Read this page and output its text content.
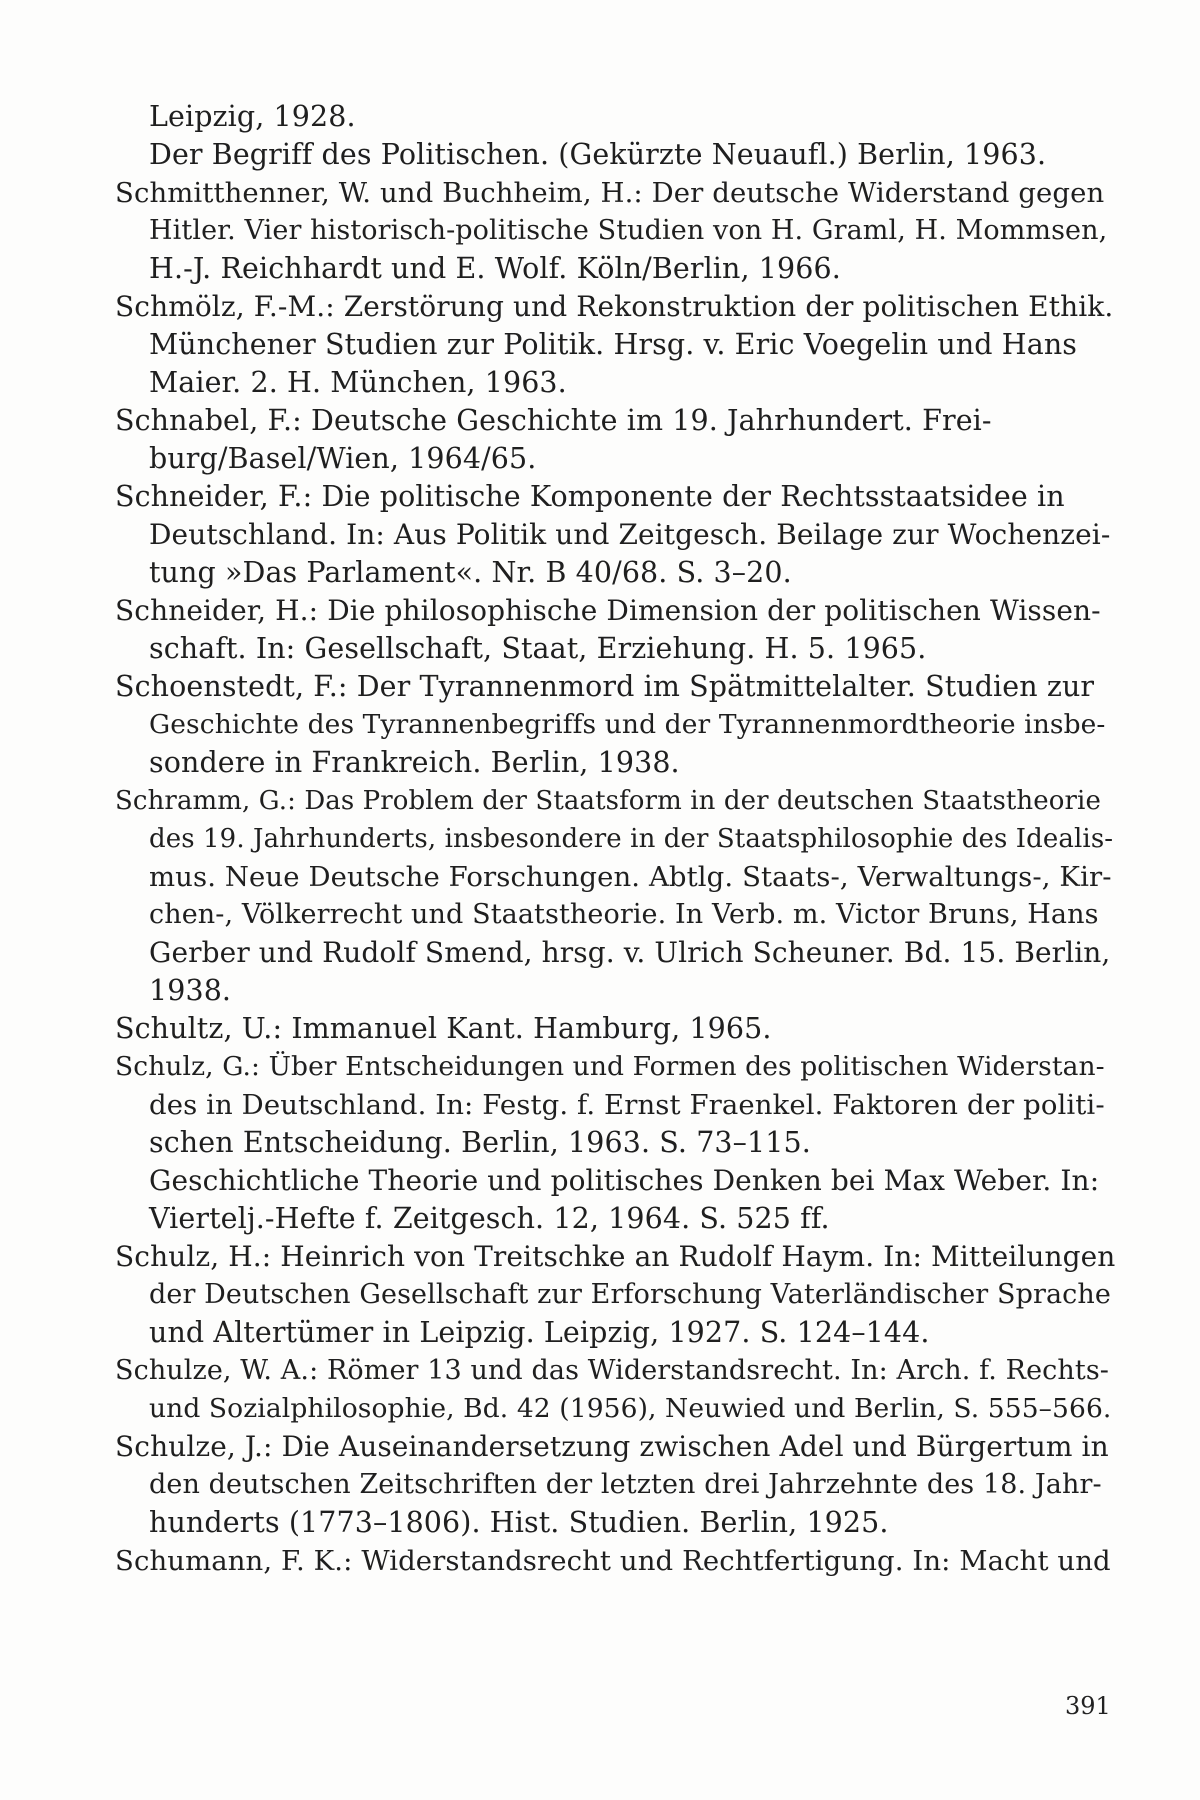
Leipzig, 1928.
Der Begriff des Politischen. (Gekürzte Neuaufl.) Berlin, 1963.
Schmitthenner, W. und Buchheim, H.: Der deutsche Widerstand gegen
Hitler. Vier historisch-politische Studien von H. Graml, H. Mommsen,
H.-J. Reichhardt und E. Wolf. Köln/Berlin, 1966.
Schmölz, F.-M.: Zerstörung und Rekonstruktion der politischen Ethik.
Münchener Studien zur Politik. Hrsg. v. Eric Voegelin und Hans
Maier. 2. H. München, 1963.
Schnabel, F.: Deutsche Geschichte im 19. Jahrhundert. Frei-
burg/Basel/Wien, 1964/65.
Schneider, F.: Die politische Komponente der Rechtsstaatsidee in
Deutschland. In: Aus Politik und Zeitgesch. Beilage zur Wochenzei-
tung »Das Parlament«. Nr. B 40/68. S. 3–20.
Schneider, H.: Die philosophische Dimension der politischen Wissen-
schaft. In: Gesellschaft, Staat, Erziehung. H. 5. 1965.
Schoenstedt, F.: Der Tyrannenmord im Spätmittelalter. Studien zur
Geschichte des Tyrannenbegriffs und der Tyrannenmordtheorie insbe-
sondere in Frankreich. Berlin, 1938.
Schramm, G.: Das Problem der Staatsform in der deutschen Staatstheorie
des 19. Jahrhunderts, insbesondere in der Staatsphilosophie des Idealis-
mus. Neue Deutsche Forschungen. Abtlg. Staats-, Verwaltungs-, Kir-
chen-, Völkerrecht und Staatstheorie. In Verb. m. Victor Bruns, Hans
Gerber und Rudolf Smend, hrsg. v. Ulrich Scheuner. Bd. 15. Berlin,
1938.
Schultz, U.: Immanuel Kant. Hamburg, 1965.
Schulz, G.: Über Entscheidungen und Formen des politischen Widerstan-
des in Deutschland. In: Festg. f. Ernst Fraenkel. Faktoren der politi-
schen Entscheidung. Berlin, 1963. S. 73–115.
Geschichtliche Theorie und politisches Denken bei Max Weber. In:
Viertelj.-Hefte f. Zeitgesch. 12, 1964. S. 525 ff.
Schulz, H.: Heinrich von Treitschke an Rudolf Haym. In: Mitteilungen
der Deutschen Gesellschaft zur Erforschung Vaterländischer Sprache
und Altertümer in Leipzig. Leipzig, 1927. S. 124–144.
Schulze, W. A.: Römer 13 und das Widerstandsrecht. In: Arch. f. Rechts-
und Sozialphilosophie, Bd. 42 (1956), Neuwied und Berlin, S. 555–566.
Schulze, J.: Die Auseinandersetzung zwischen Adel und Bürgertum in
den deutschen Zeitschriften der letzten drei Jahrzehnte des 18. Jahr-
hunderts (1773–1806). Hist. Studien. Berlin, 1925.
Schumann, F. K.: Widerstandsrecht und Rechtfertigung. In: Macht und
391
